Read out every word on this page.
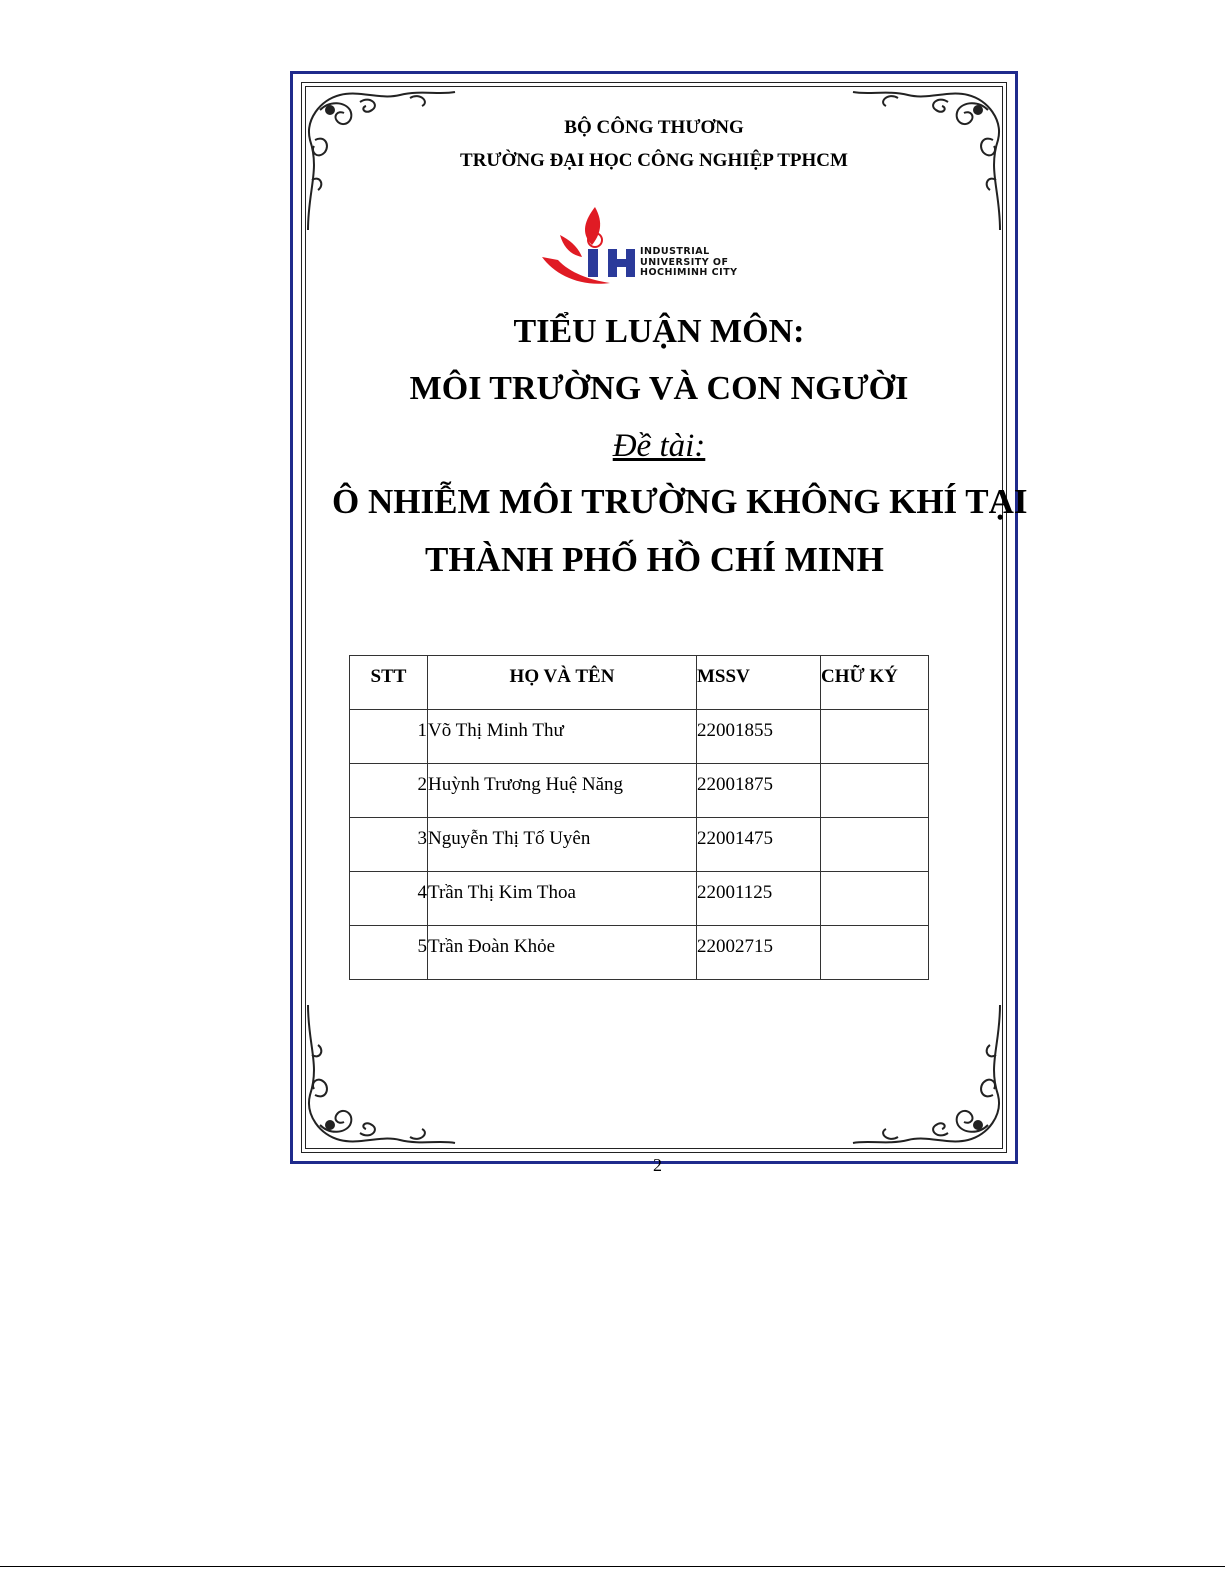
BỘ CÔNG THƯƠNG
TRƯỜNG ĐẠI HỌC CÔNG NGHIỆP TPHCM
INDUSTRIAL
UNIVERSITY OF
HOCHIMINH CITY
TIỂU LUẬN MÔN:
MÔI TRƯỜNG VÀ CON NGƯỜI
Đề tài:
Ô NHIỄM MÔI TRƯỜNG KHÔNG KHÍ TẠI
THÀNH PHỐ HỒ CHÍ MINH
STT	HỌ VÀ TÊN	MSSV	CHỮ KÝ
1	Võ Thị Minh Thư	22001855	
2	Huỳnh Trương Huệ Năng	22001875	
3	Nguyễn Thị Tố Uyên	22001475	
4	Trần Thị Kim Thoa	22001125	
5	Trần Đoàn Khỏe	22002715	
2
